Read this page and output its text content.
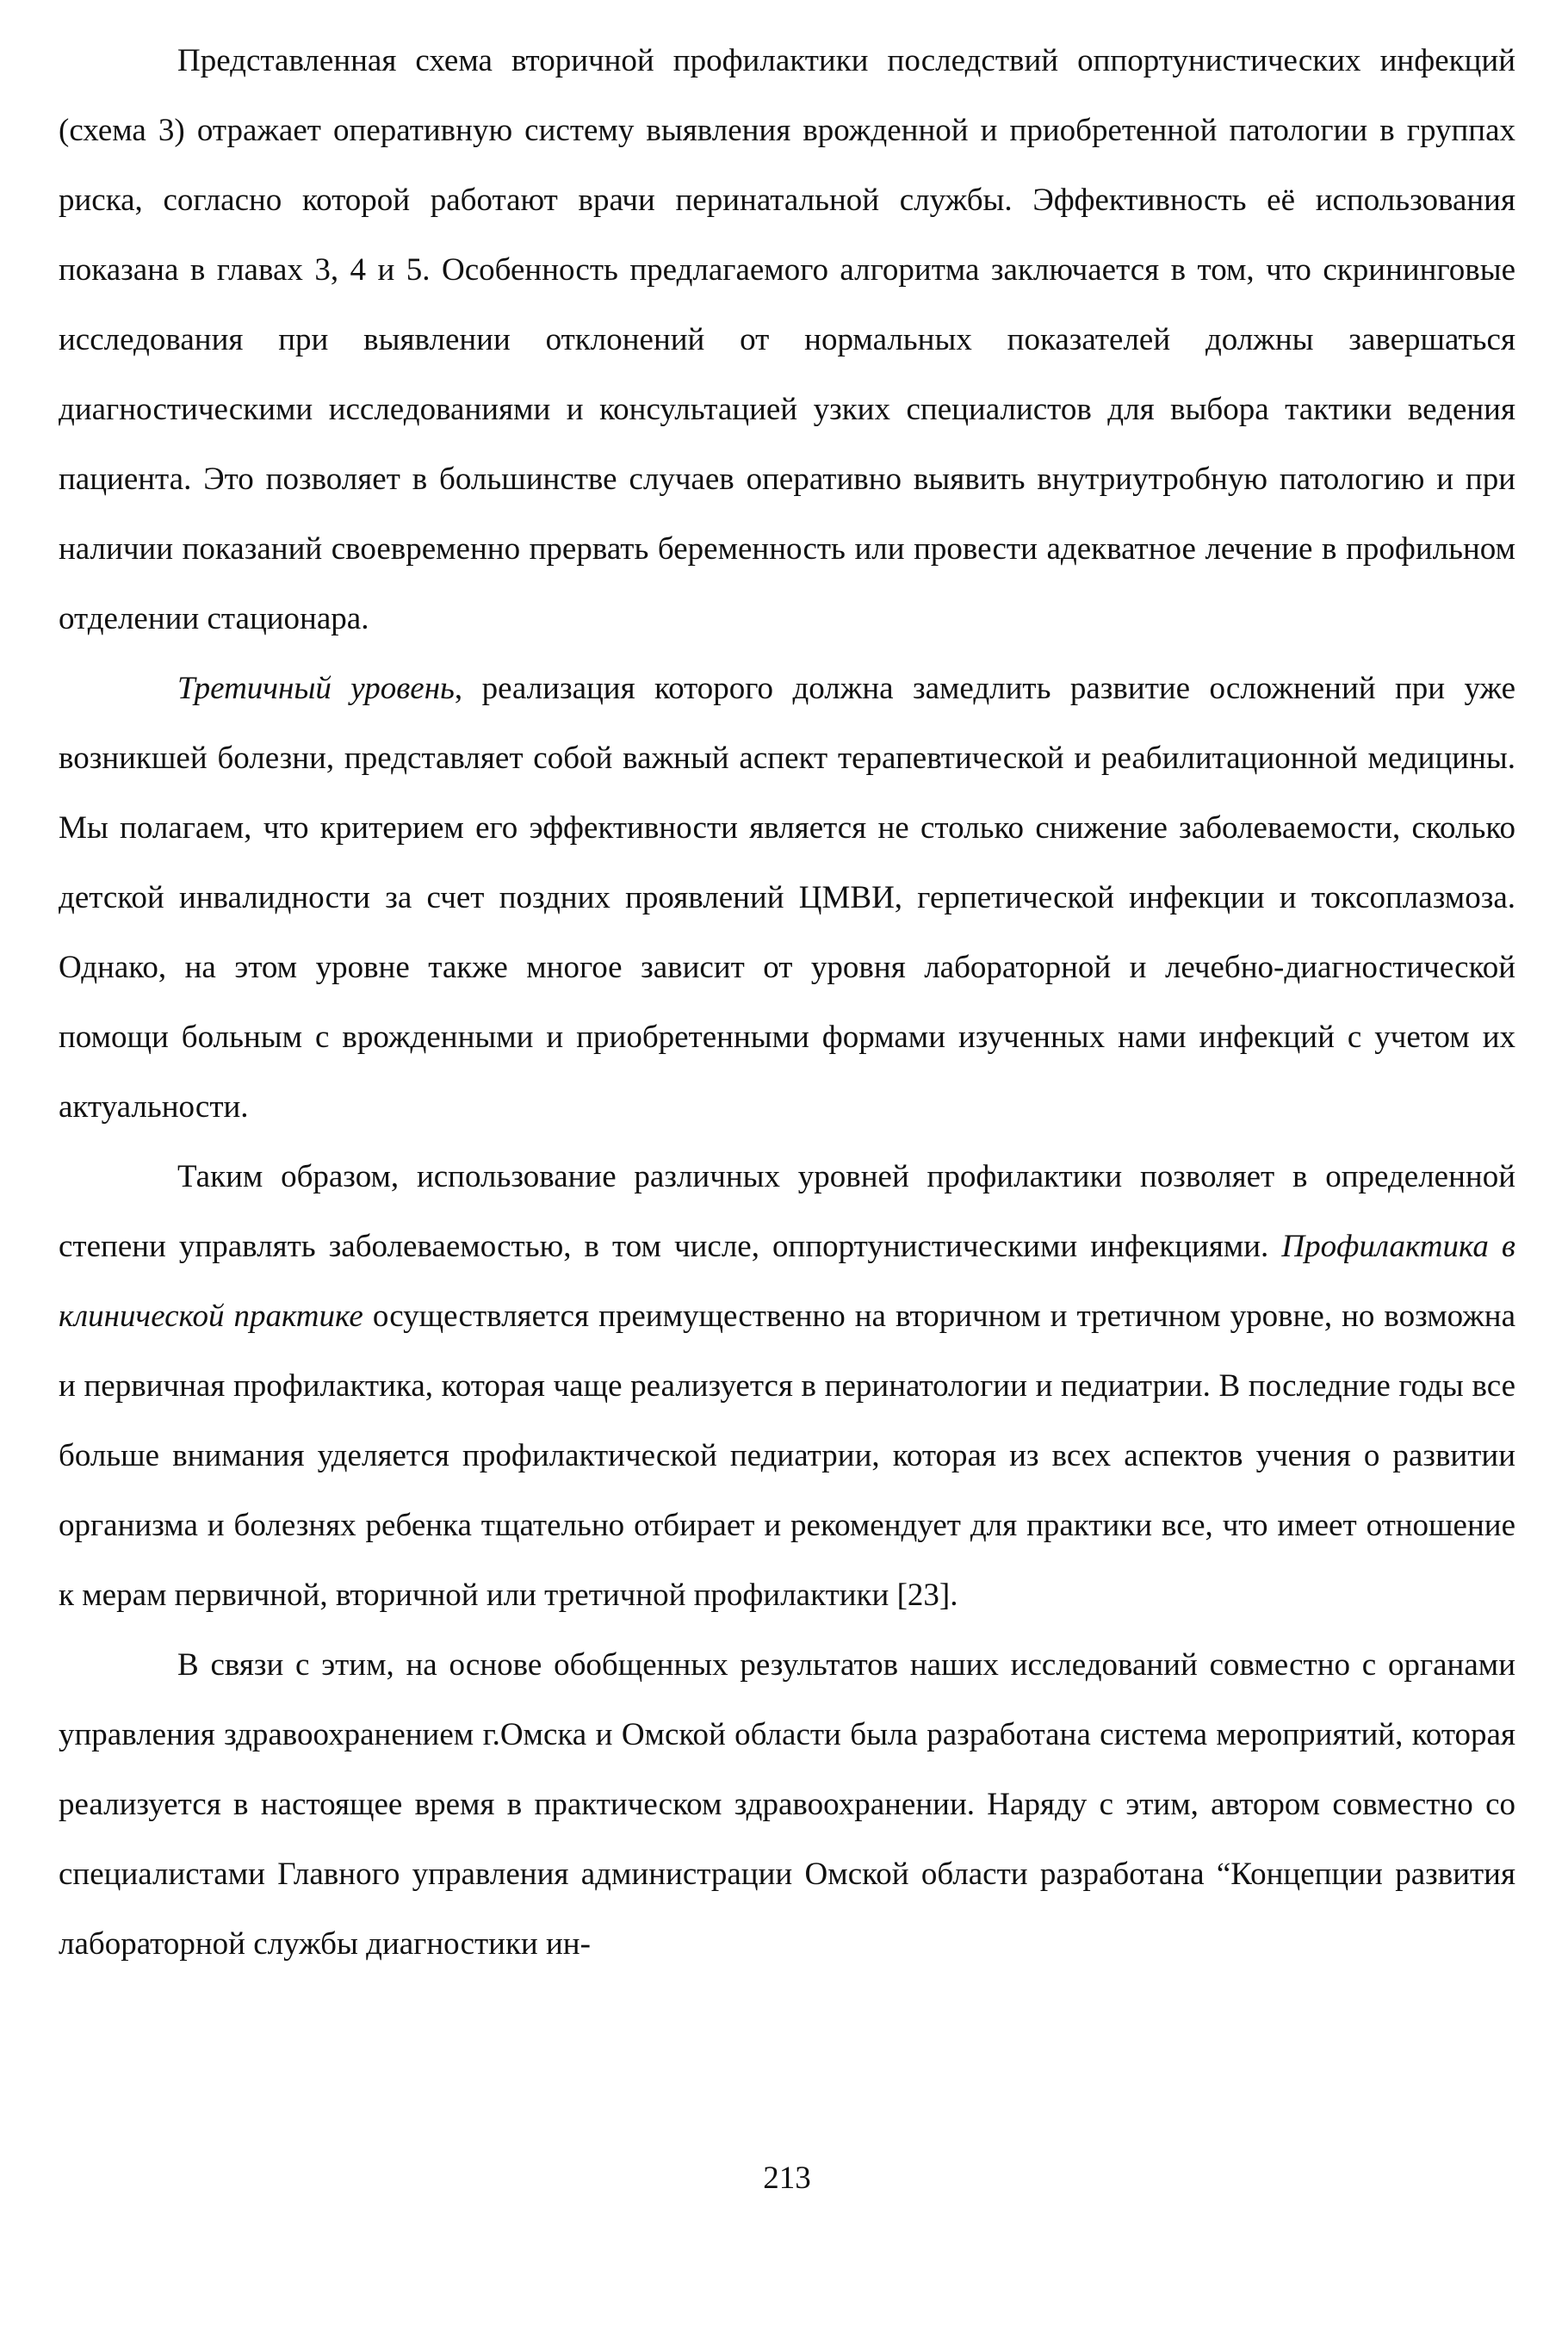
Представленная схема вторичной профилактики последствий оппортунистических инфекций (схема 3) отражает оперативную систему выявления врожденной и приобретенной патологии в группах риска, согласно которой работают врачи перинатальной службы. Эффективность её использования показана в главах 3, 4 и 5. Особенность предлагаемого алгоритма заключается в том, что скрининговые исследования при выявлении отклонений от нормальных показателей должны завершаться диагностическими исследованиями и консультацией узких специалистов для выбора тактики ведения пациента. Это позволяет в большинстве случаев оперативно выявить внутриутробную патологию и при наличии показаний своевременно прервать беременность или провести адекватное лечение в профильном отделении стационара.

Третичный уровень, реализация которого должна замедлить развитие осложнений при уже возникшей болезни, представляет собой важный аспект терапевтической и реабилитационной медицины. Мы полагаем, что критерием его эффективности является не столько снижение заболеваемости, сколько детской инвалидности за счет поздних проявлений ЦМВИ, герпетической инфекции и токсоплазмоза. Однако, на этом уровне также многое зависит от уровня лабораторной и лечебно-диагностической помощи больным с врожденными и приобретенными формами изученных нами инфекций с учетом их актуальности.

Таким образом, использование различных уровней профилактики позволяет в определенной степени управлять заболеваемостью, в том числе, оппортунистическими инфекциями. Профилактика в клинической практике осуществляется преимущественно на вторичном и третичном уровне, но возможна и первичная профилактика, которая чаще реализуется в перинатологии и педиатрии. В последние годы все больше внимания уделяется профилактической педиатрии, которая из всех аспектов учения о развитии организма и болезнях ребенка тщательно отбирает и рекомендует для практики все, что имеет отношение к мерам первичной, вторичной или третичной профилактики [23].

В связи с этим, на основе обобщенных результатов наших исследований совместно с органами управления здравоохранением г.Омска и Омской области была разработана система мероприятий, которая реализуется в настоящее время в практическом здравоохранении. Наряду с этим, автором совместно со специалистами Главного управления администрации Омской области разработана “Концепции развития лабораторной службы диагностики ин-

213
